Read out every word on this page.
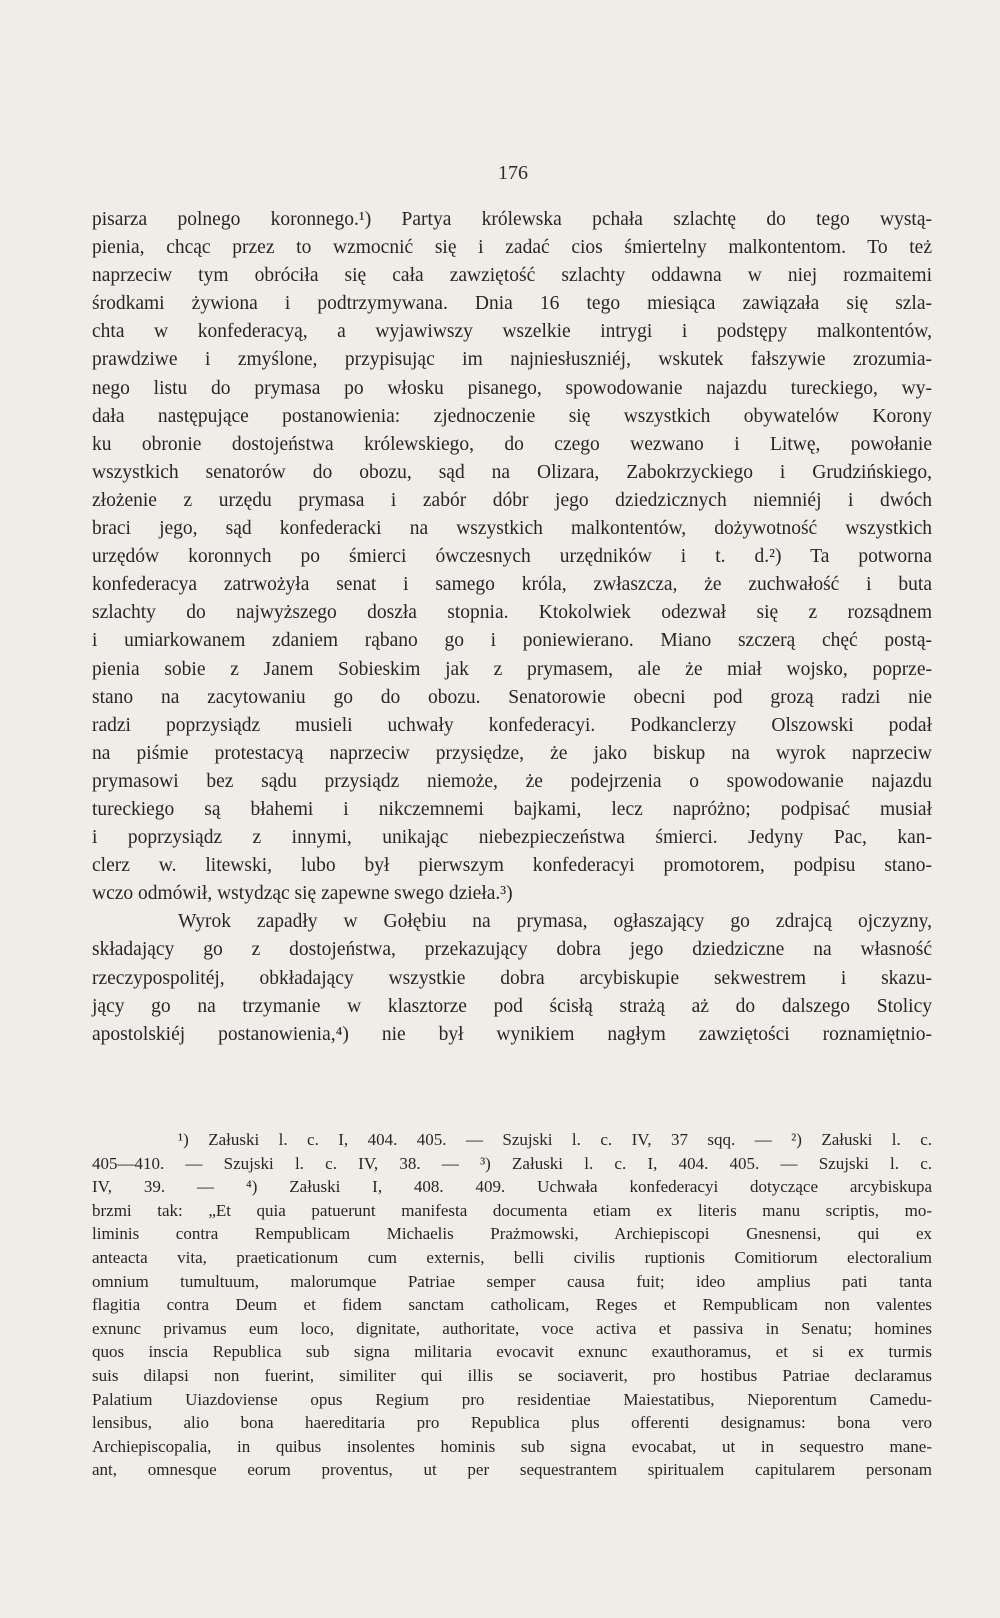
176
pisarza polnego koronnego.¹) Partya królewska pchała szlachtę do tego wystą-
pienia, chcąc przez to wzmocnić się i zadać cios śmiertelny malkontentom. To też
naprzeciw tym obróciła się cała zawziętość szlachty oddawna w niej rozmaitemi
środkami żywiona i podtrzymywana. Dnia 16 tego miesiąca zawiązała się szla-
chta w konfederacyą, a wyjawiwszy wszelkie intrygi i podstępy malkontentów,
prawdziwe i zmyślone, przypisując im najniesłuszniéj, wskutek fałszywie zrozumia-
nego listu do prymasa po włosku pisanego, spowodowanie najazdu tureckiego, wy-
dała następujące postanowienia: zjednoczenie się wszystkich obywatelów Korony
ku obronie dostojeństwa królewskiego, do czego wezwano i Litwę, powołanie
wszystkich senatorów do obozu, sąd na Olizara, Zabokrzyckiego i Grudzińskiego,
złożenie z urzędu prymasa i zabór dóbr jego dziedzicznych niemniéj i dwóch
braci jego, sąd konfederacki na wszystkich malkontentów, dożywotność wszystkich
urzędów koronnych po śmierci ówczesnych urzędników i t. d.²) Ta potworna
konfederacya zatrwożyła senat i samego króla, zwłaszcza, że zuchwałość i buta
szlachty do najwyższego doszła stopnia. Ktokolwiek odezwał się z rozsądnem
i umiarkowanem zdaniem rąbano go i poniewierano. Miano szczerą chęć postą-
pienia sobie z Janem Sobieskim jak z prymasem, ale że miał wojsko, poprze-
stano na zacytowaniu go do obozu. Senatorowie obecni pod grozą radzi nie
radzi poprzysiądz musieli uchwały konfederacyi. Podkanclerzy Olszowski podał
na piśmie protestacyą naprzeciw przysiędze, że jako biskup na wyrok naprzeciw
prymasowi bez sądu przysiądz niemoże, że podejrzenia o spowodowanie najazdu
tureckiego są błahemi i nikczemnemi bajkami, lecz napróżno; podpisać musiał
i poprzysiądz z innymi, unikając niebezpieczeństwa śmierci. Jedyny Pac, kan-
clerz w. litewski, lubo był pierwszym konfederacyi promotorem, podpisu stano-
wczo odmówił, wstydząc się zapewne swego dzieła.³)
Wyrok zapadły w Gołębiu na prymasa, ogłaszający go zdrajcą ojczyzny,
składający go z dostojeństwa, przekazujący dobra jego dziedziczne na własność
rzeczypospolitéj, obkładający wszystkie dobra arcybiskupie sekwestrem i skazu-
jący go na trzymanie w klasztorze pod ścisłą strażą aż do dalszego Stolicy
apostolskiéj postanowienia,⁴) nie był wynikiem nagłym zawziętości roznamiętnio-
¹) Załuski l. c. I, 404. 405. — Szujski l. c. IV, 37 sqq. — ²) Załuski l. c.
405—410. — Szujski l. c. IV, 38. — ³) Załuski l. c. I, 404. 405. — Szujski l. c.
IV, 39. — ⁴) Załuski I, 408. 409. Uchwała konfederacyi dotyczące arcybiskupa
brzmi tak: „Et quia patuerunt manifesta documenta etiam ex literis manu scriptis, mo-
liminis contra Rempublicam Michaelis Prażmowski, Archiepiscopi Gnesnensi, qui ex
anteacta vita, praeticationum cum externis, belli civilis ruptionis Comitiorum electoralium
omnium tumultuum, malorumque Patriae semper causa fuit; ideo amplius pati tanta
flagitia contra Deum et fidem sanctam catholicam, Reges et Rempublicam non valentes
exnunc privamus eum loco, dignitate, authoritate, voce activa et passiva in Senatu; homines
quos inscia Republica sub signa militaria evocavit exnunc exauthoramus, et si ex turmis
suis dilapsi non fuerint, similiter qui illis se sociaverit, pro hostibus Patriae declaramus
Palatium Uiazdoviense opus Regium pro residentiae Maiestatibus, Nieporentum Camedu-
lensibus, alio bona haereditaria pro Republica plus offerenti designamus: bona vero
Archiepiscopalia, in quibus insolentes hominis sub signa evocabat, ut in sequestro mane-
ant, omnesque eorum proventus, ut per sequestrantem spiritualem capitularem personam
